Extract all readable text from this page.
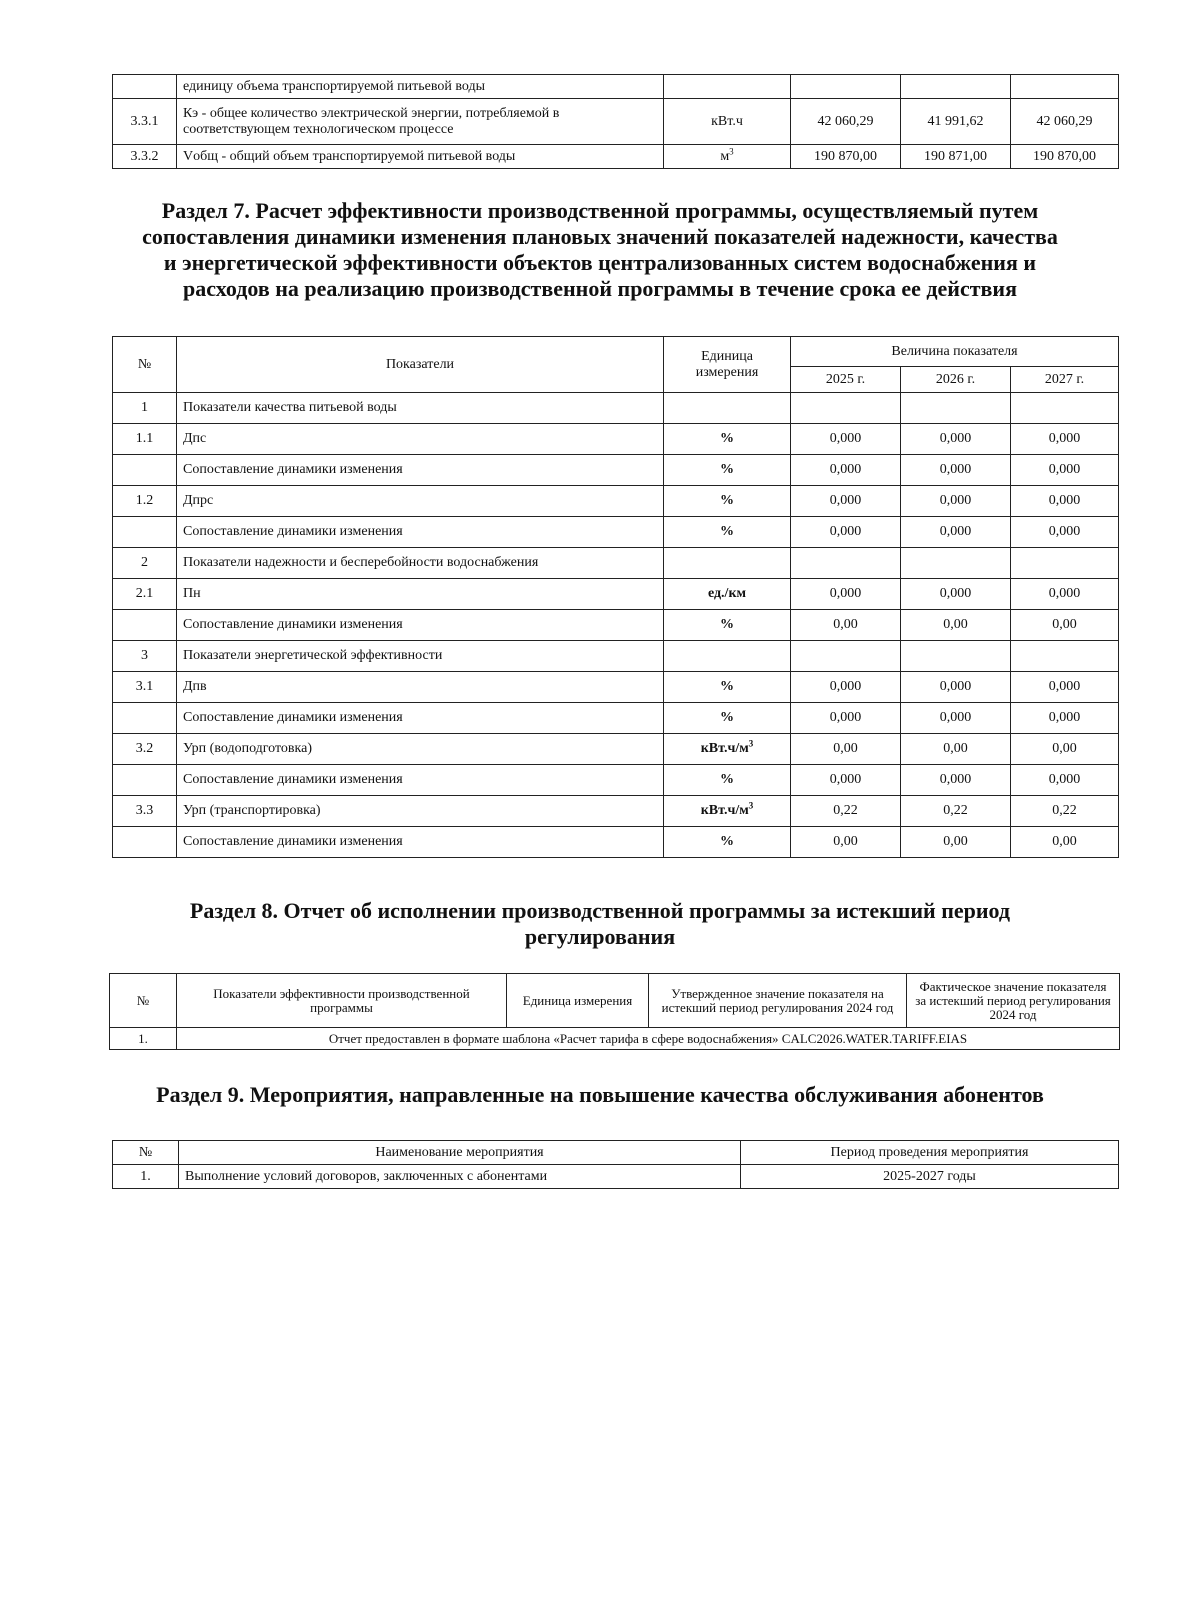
	единицу объема транспортируемой питьевой воды				
3.3.1	Кэ - общее количество электрической энергии, потребляемой в соответствующем технологическом процессе	кВт.ч	42 060,29	41 991,62	42 060,29
3.3.2	Vобщ - общий объем транспортируемой питьевой воды	$м^3$	190 870,00	190 871,00	190 870,00
Раздел 7. Расчет эффективности производственной программы, осуществляемый путем
сопоставления динамики изменения плановых значений показателей надежности, качества
и энергетической эффективности объектов централизованных систем водоснабжения и
расходов на реализацию производственной программы в течение срока ее действия
№	Показатели	Единица измерения	Величина показателя		
			2025 г.	2026 г.	2027 г.
1	Показатели качества питьевой воды				
1.1	Дпс	%	0,000	0,000	0,000
	Сопоставление динамики изменения	%	0,000	0,000	0,000
1.2	Дпрс	%	0,000	0,000	0,000
	Сопоставление динамики изменения	%	0,000	0,000	0,000
2	Показатели надежности и бесперебойности водоснабжения				
2.1	Пн	ед./км	0,000	0,000	0,000
	Сопоставление динамики изменения	%	0,00	0,00	0,00
3	Показатели энергетической эффективности				
3.1	Дпв	%	0,000	0,000	0,000
	Сопоставление динамики изменения	%	0,000	0,000	0,000
3.2	Урп (водоподготовка)	$кВт.ч/м^3$	0,00	0,00	0,00
	Сопоставление динамики изменения	%	0,000	0,000	0,000
3.3	Урп (транспортировка)	$кВт.ч/м^3$	0,22	0,22	0,22
	Сопоставление динамики изменения	%	0,00	0,00	0,00
Раздел 8. Отчет об исполнении производственной программы за истекший период
регулирования
№	Показатели эффективности производственной программы	Единица измерения	Утвержденное значение показателя на истекший период регулирования 2024 год	Фактическое значение показателя за истекший период регулирования 2024 год
1.	Отчет предоставлен в формате шаблона «Расчет тарифа в сфере водоснабжения» CALC2026.WATER.TARIFF.EIAS			
Раздел 9. Мероприятия, направленные на повышение качества обслуживания абонентов
№	Наименование мероприятия	Период проведения мероприятия
1.	Выполнение условий договоров, заключенных с абонентами	2025-2027 годы
